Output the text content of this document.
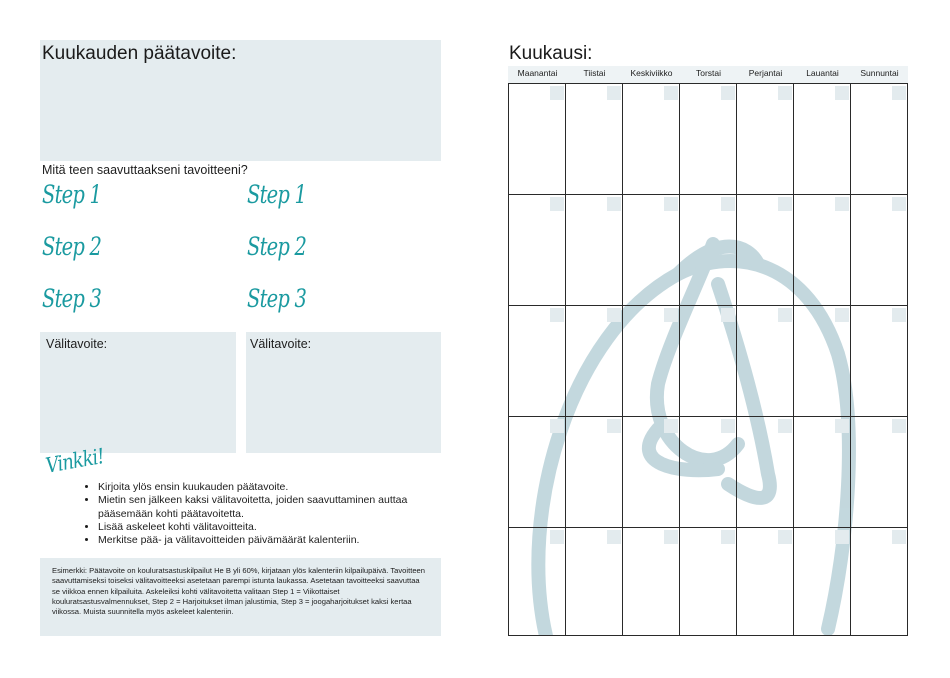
Kuukauden päätavoite:
Mitä teen saavuttaakseni tavoitteeni?
Step 1
Step 2
Step 3
Step 1
Step 2
Step 3
Välitavoite:	Välitavoite:
Vinkki!
• Kirjoita ylös ensin kuukauden päätavoite.
• Mietin sen jälkeen kaksi välitavoitetta, joiden saavuttaminen auttaa pääsemään kohti päätavoitetta.
• Lisää askeleet kohti välitavoitteita.
• Merkitse pää- ja välitavoitteiden päivämäärät kalenteriin.
Esimerkki: Päätavoite on kouluratsastuskilpailut He B yli 60%, kirjataan ylös kalenteriin kilpailupäivä. Tavoitteen saavuttamiseksi toiseksi välitavoitteeksi asetetaan parempi istunta laukassa. Asetetaan tavoitteeksi saavuttaa se viikkoa ennen kilpailuita. Askeleiksi kohti välitavoitetta valitaan Step 1 = Viikottaiset kouluratsastusvalmennukset, Step 2 = Harjoitukset ilman jalustimia, Step 3 = joogaharjoitukset kaksi kertaa viikossa. Muista suunnitella myös askeleet kalenteriin.
Kuukausi:
Maanantai	Tiistai	Keskiviikko	Torstai	Perjantai	Lauantai	Sunnuntai
